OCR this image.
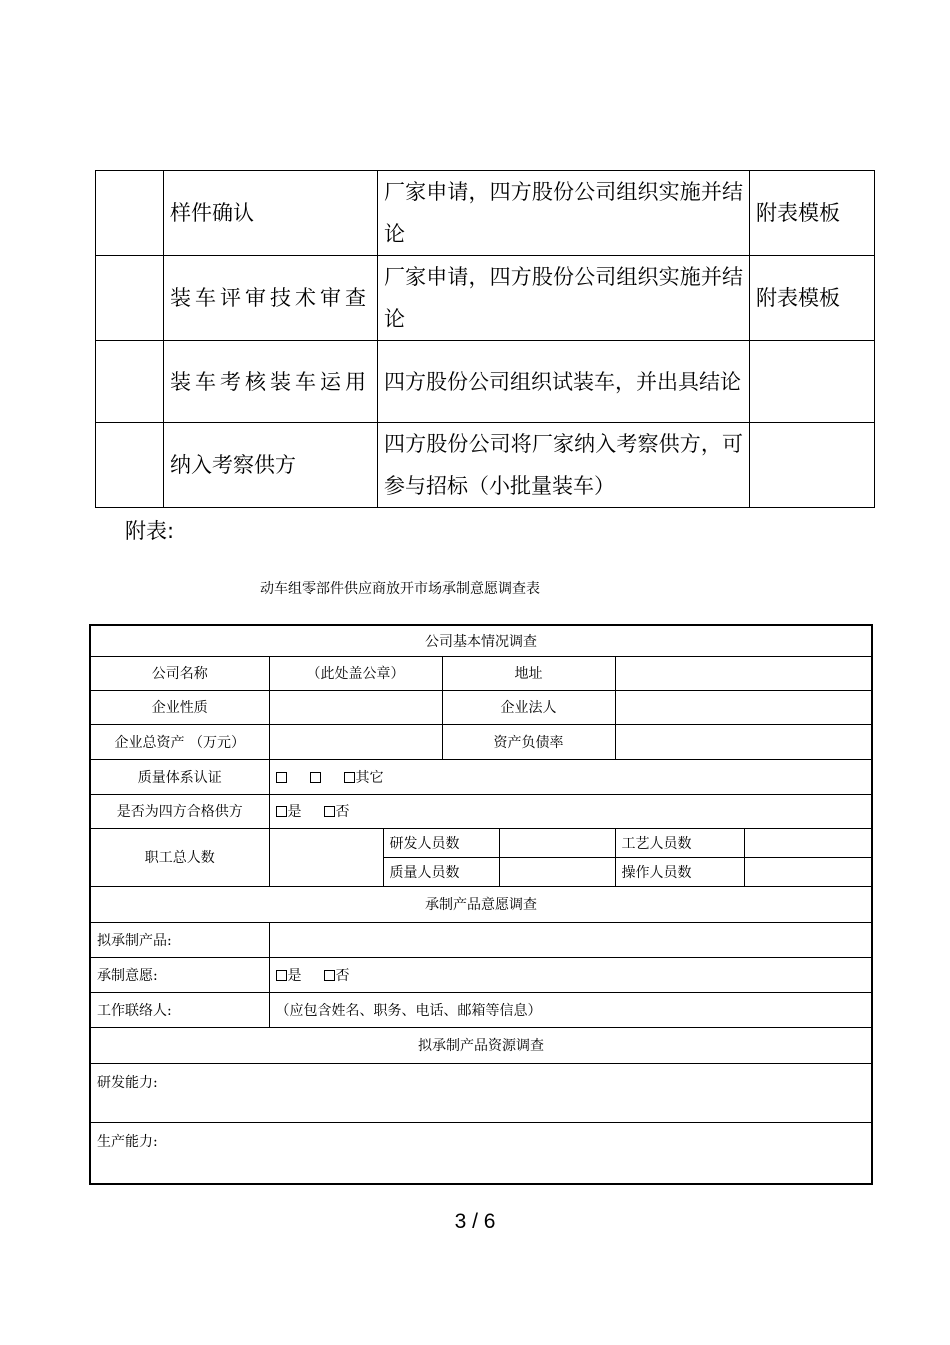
	样件确认	厂家申请，四方股份公司组织实施并结论	附表模板
	装车评审技术审查	厂家申请，四方股份公司组织实施并结论	附表模板
	装车考核装车运用	四方股份公司组织试装车，并出具结论	
	纳入考察供方	四方股份公司将厂家纳入考察供方，可参与招标（小批量装车）	
附表:
动车组零部件供应商放开市场承制意愿调查表
公司基本情况调查						
公司名称	（此处盖公章）		地址			
企业性质			企业法人			
企业总资产 （万元）			资产负债率			
质量体系认证	其它					
是否为四方合格供方	是 否					
职工总人数		研发人员数			工艺人员数	
		质量人员数			操作人员数	
承制产品意愿调查						
拟承制产品:						
承制意愿:	是 否					
工作联络人:	（应包含姓名、职务、电话、邮箱等信息）					
拟承制产品资源调查						
研发能力:						
生产能力:						
3 / 6
